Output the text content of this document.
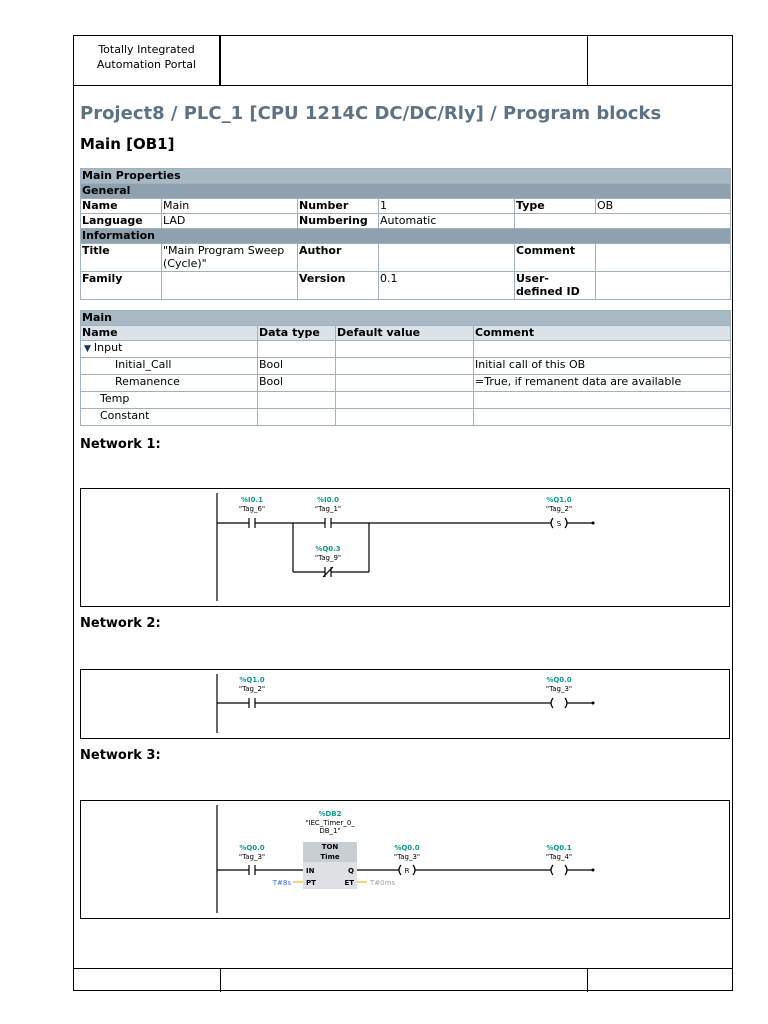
Totally Integrated
Automation Portal
Project8 / PLC_1 [CPU 1214C DC/DC/Rly] / Program blocks
Main [OB1]
Main Properties					
General					
Name	Main	Number	1	Type	OB
Language	LAD	Numbering	Automatic		
Information					
Title	"Main Program Sweep (Cycle)"	Author		Comment	
Family		Version	0.1	User-defined ID	
Main			
Name	Data type	Default value	Comment
▼ Input			
Initial_Call	Bool		Initial call of this OB
Remanence	Bool		=True, if remanent data are available
Temp			
Constant			
Network 1:
%I0.1
"Tag_6"
%I0.0
"Tag_1"
%Q0.3
"Tag_9"
%Q1.0
"Tag_2"
S
Network 2:
%Q1.0
"Tag_2"
%Q0.0
"Tag_3"
Network 3:
%DB2
"IEC_Timer_0_
DB_1"
TON
Time
%Q0.0
"Tag_3"
%Q0.0
"Tag_3"
R
%Q0.1
"Tag_4"
IN
PT
Q
ET
T#8s	T#0ms
